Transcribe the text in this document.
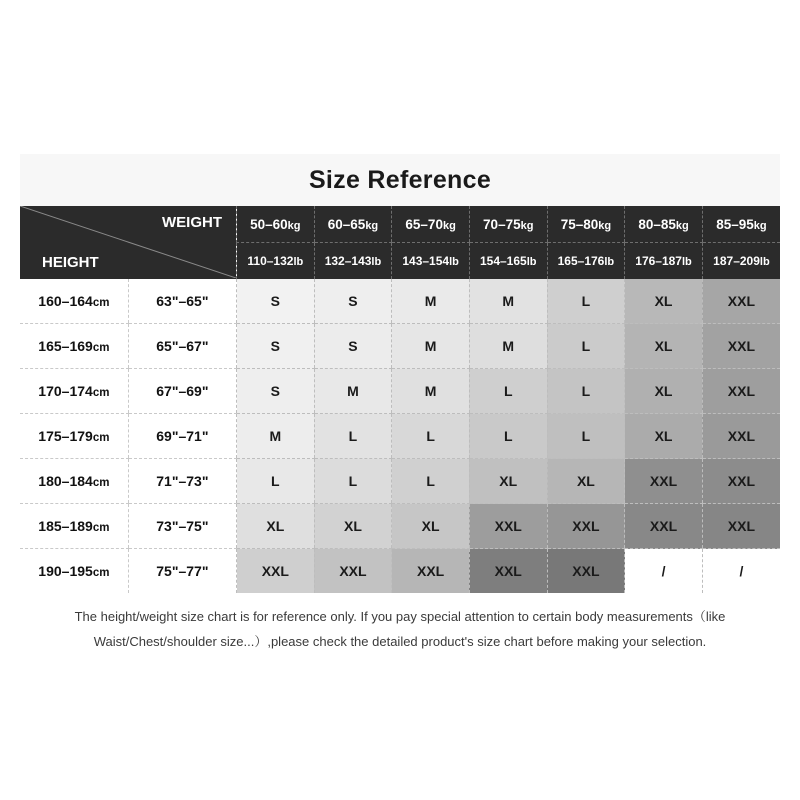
Size Reference
WEIGHT
HEIGHT		50–60kg	60–65kg	65–70kg	70–75kg	75–80kg	80–85kg	85–95kg
		110–132lb	132–143lb	143–154lb	154–165lb	165–176lb	176–187lb	187–209lb
160–164cm	63"–65"	S	S	M	M	L	XL	XXL
165–169cm	65"–67"	S	S	M	M	L	XL	XXL
170–174cm	67"–69"	S	M	M	L	L	XL	XXL
175–179cm	69"–71"	M	L	L	L	L	XL	XXL
180–184cm	71"–73"	L	L	L	XL	XL	XXL	XXL
185–189cm	73"–75"	XL	XL	XL	XXL	XXL	XXL	XXL
190–195cm	75"–77"	XXL	XXL	XXL	XXL	XXL	/	/
The height/weight size chart is for reference only. If you pay special attention to certain body measurements（like Waist/Chest/shoulder size...）,please check the detailed product's size chart before making your selection.
